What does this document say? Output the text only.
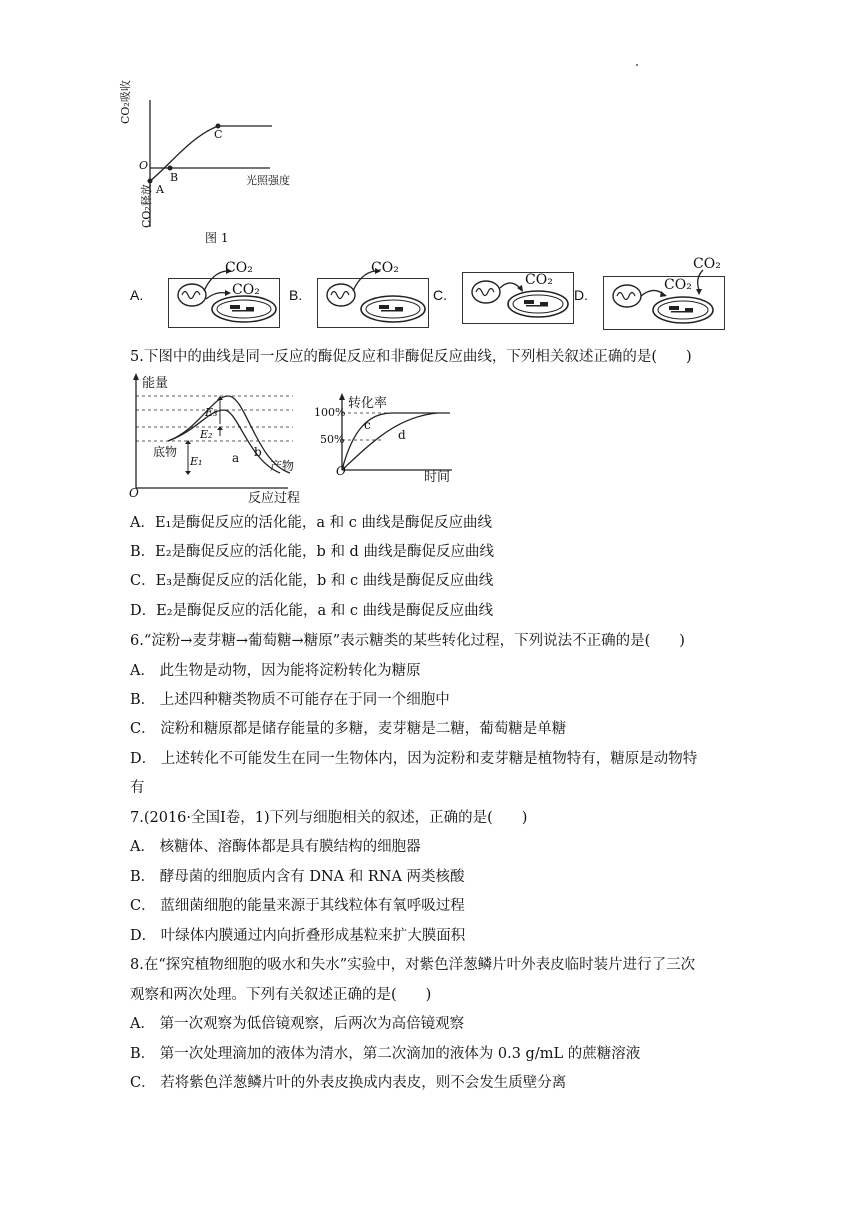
CO₂吸收
CO₂释放
O
光照强度
A
B
C
图 1
A.
CO₂
CO₂ B.
CO₂
C.
CO₂
D.
CO₂
CO₂
5.下图中的曲线是同一反应的酶促反应和非酶促反应曲线，下列相关叙述正确的是(　　)
能量
O	反应过程
底物
产物
E₃
E₂
E₁ a b
转化率
100%
50%
O	时间
c
d
A．E₁是酶促反应的活化能，a 和 c 曲线是酶促反应曲线
B．E₂是酶促反应的活化能，b 和 d 曲线是酶促反应曲线
C．E₃是酶促反应的活化能，b 和 c 曲线是酶促反应曲线
D．E₂是酶促反应的活化能，a 和 c 曲线是酶促反应曲线
6.“淀粉→麦芽糖→葡萄糖→糖原”表示糖类的某些转化过程，下列说法不正确的是(　　)
A． 此生物是动物，因为能将淀粉转化为糖原
B． 上述四种糖类物质不可能存在于同一个细胞中
C． 淀粉和糖原都是储存能量的多糖，麦芽糖是二糖，葡萄糖是单糖
D． 上述转化不可能发生在同一生物体内，因为淀粉和麦芽糖是植物特有，糖原是动物特
有
7.(2016·全国Ⅰ卷，1)下列与细胞相关的叙述，正确的是(　　)
A． 核糖体、溶酶体都是具有膜结构的细胞器
B． 酵母菌的细胞质内含有 DNA 和 RNA 两类核酸
C． 蓝细菌细胞的能量来源于其线粒体有氧呼吸过程
D． 叶绿体内膜通过内向折叠形成基粒来扩大膜面积
8.在“探究植物细胞的吸水和失水”实验中，对紫色洋葱鳞片叶外表皮临时装片进行了三次
观察和两次处理。下列有关叙述正确的是(　　)
A． 第一次观察为低倍镜观察，后两次为高倍镜观察
B． 第一次处理滴加的液体为清水，第二次滴加的液体为 0.3 g/mL 的蔗糖溶液
C． 若将紫色洋葱鳞片叶的外表皮换成内表皮，则不会发生质壁分离
